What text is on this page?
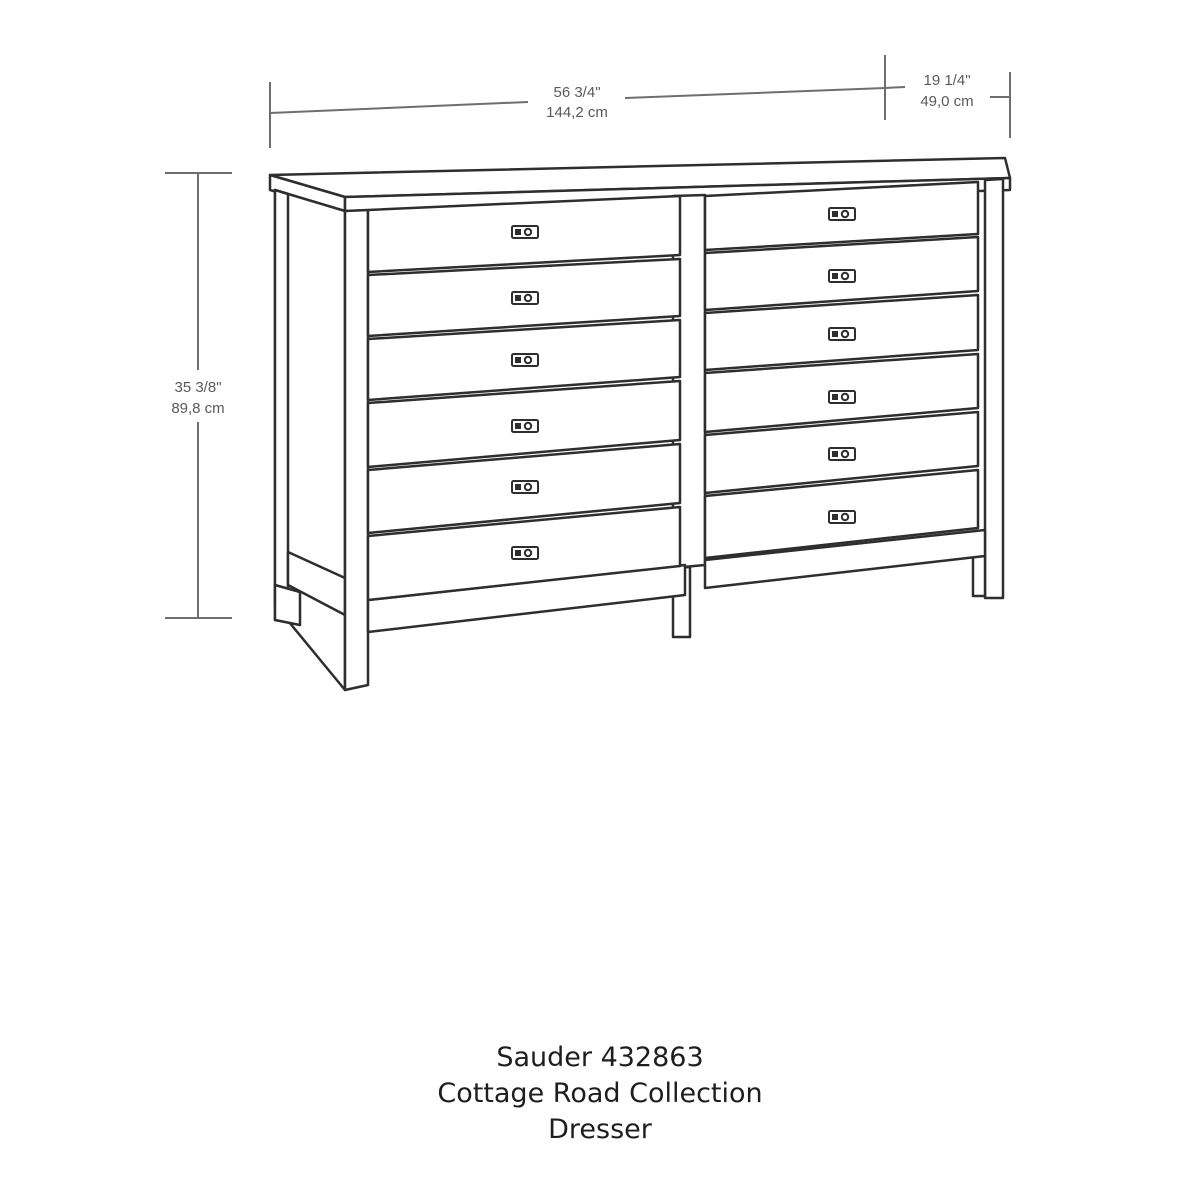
56 3/4"
144,2 cm
19 1/4"
49,0 cm
35 3/8"
89,8 cm
Sauder 432863
Cottage Road Collection
Dresser
